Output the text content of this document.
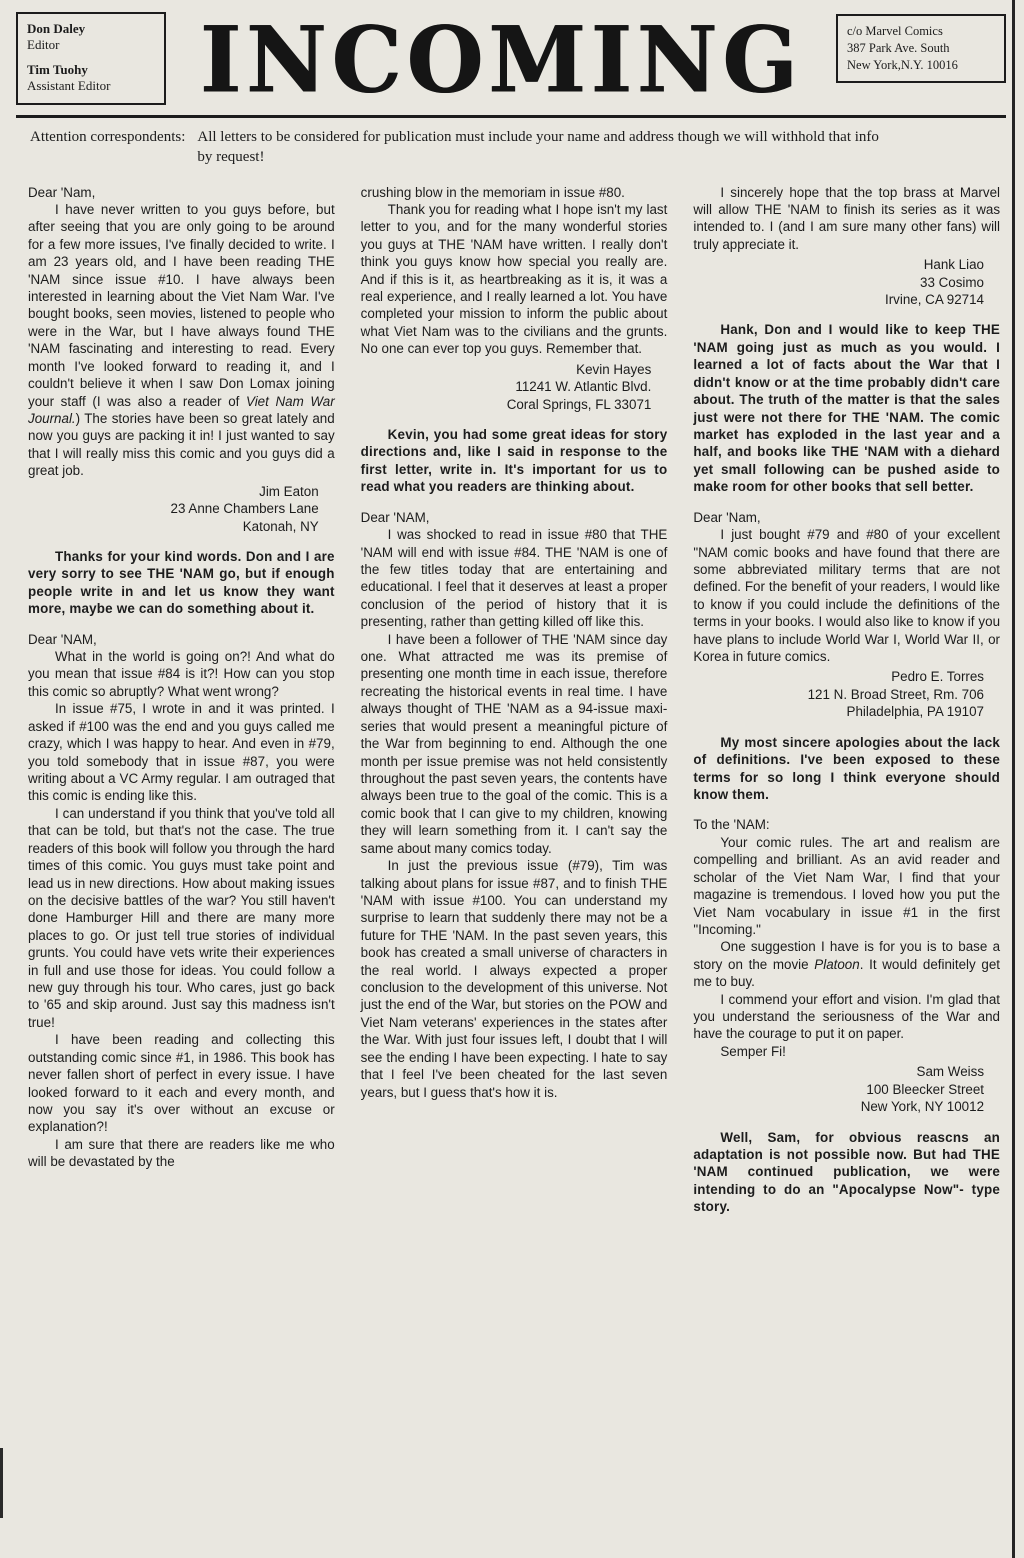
Don Daley
Editor
Tim Tuohy
Assistant Editor	INCOMING	c/o Marvel Comics
387 Park Ave. South
New York,N.Y. 10016
Attention correspondents: All letters to be considered for publication must include your name and address though we will withhold that info by request!

Dear 'Nam,

I have never written to you guys before, but after seeing that you are only going to be around for a few more issues, I've finally decided to write. I am 23 years old, and I have been reading THE 'NAM since issue #10. I have always been interested in learning about the Viet Nam War. I've bought books, seen movies, listened to people who were in the War, but I have always found THE 'NAM fascinating and interesting to read. Every month I've looked forward to reading it, and I couldn't believe it when I saw Don Lomax joining your staff (I was also a reader of Viet Nam War Journal.) The stories have been so great lately and now you guys are packing it in! I just wanted to say that I will really miss this comic and you guys did a great job.

Jim Eaton
23 Anne Chambers Lane
Katonah, NY

Thanks for your kind words. Don and I are very sorry to see THE 'NAM go, but if enough people write in and let us know they want more, maybe we can do something about it.

Dear 'NAM,

What in the world is going on?! And what do you mean that issue #84 is it?! How can you stop this comic so abruptly? What went wrong?

In issue #75, I wrote in and it was printed. I asked if #100 was the end and you guys called me crazy, which I was happy to hear. And even in #79, you told somebody that in issue #87, you were writing about a VC Army regular. I am outraged that this comic is ending like this.

I can understand if you think that you've told all that can be told, but that's not the case. The true readers of this book will follow you through the hard times of this comic. You guys must take point and lead us in new directions. How about making issues on the decisive battles of the war? You still haven't done Hamburger Hill and there are many more places to go. Or just tell true stories of individual grunts. You could have vets write their experiences in full and use those for ideas. You could follow a new guy through his tour. Who cares, just go back to '65 and skip around. Just say this madness isn't true!

I have been reading and collecting this outstanding comic since #1, in 1986. This book has never fallen short of perfect in every issue. I have looked forward to it each and every month, and now you say it's over without an excuse or explanation?!

I am sure that there are readers like me who will be devastated by the

crushing blow in the memoriam in issue #80.

Thank you for reading what I hope isn't my last letter to you, and for the many wonderful stories you guys at THE 'NAM have written. I really don't think you guys know how special you really are. And if this is it, as heartbreaking as it is, it was a real experience, and I really learned a lot. You have completed your mission to inform the public about what Viet Nam was to the civilians and the grunts. No one can ever top you guys. Remember that.

Kevin Hayes
11241 W. Atlantic Blvd.
Coral Springs, FL 33071

Kevin, you had some great ideas for story directions and, like I said in response to the first letter, write in. It's important for us to read what you readers are thinking about.

Dear 'NAM,

I was shocked to read in issue #80 that THE 'NAM will end with issue #84. THE 'NAM is one of the few titles today that are entertaining and educational. I feel that it deserves at least a proper conclusion of the period of history that it is presenting, rather than getting killed off like this.

I have been a follower of THE 'NAM since day one. What attracted me was its premise of presenting one month time in each issue, therefore recreating the historical events in real time. I have always thought of THE 'NAM as a 94-issue maxi-series that would present a meaningful picture of the War from beginning to end. Although the one month per issue premise was not held consistently throughout the past seven years, the contents have always been true to the goal of the comic. This is a comic book that I can give to my children, knowing they will learn something from it. I can't say the same about many comics today.

In just the previous issue (#79), Tim was talking about plans for issue #87, and to finish THE 'NAM with issue #100. You can understand my surprise to learn that suddenly there may not be a future for THE 'NAM. In the past seven years, this book has created a small universe of characters in the real world. I always expected a proper conclusion to the development of this universe. Not just the end of the War, but stories on the POW and Viet Nam veterans' experiences in the states after the War. With just four issues left, I doubt that I will see the ending I have been expecting. I hate to say that I feel I've been cheated for the last seven years, but I guess that's how it is.

I sincerely hope that the top brass at Marvel will allow THE 'NAM to finish its series as it was intended to. I (and I am sure many other fans) will truly appreciate it.

Hank Liao
33 Cosimo
Irvine, CA 92714

Hank, Don and I would like to keep THE 'NAM going just as much as you would. I learned a lot of facts about the War that I didn't know or at the time probably didn't care about. The truth of the matter is that the sales just were not there for THE 'NAM. The comic market has exploded in the last year and a half, and books like THE 'NAM with a diehard yet small following can be pushed aside to make room for other books that sell better.

Dear 'Nam,

I just bought #79 and #80 of your excellent "NAM comic books and have found that there are some abbreviated military terms that are not defined. For the benefit of your readers, I would like to know if you could include the definitions of the terms in your books. I would also like to know if you have plans to include World War I, World War II, or Korea in future comics.

Pedro E. Torres
121 N. Broad Street, Rm. 706
Philadelphia, PA 19107

My most sincere apologies about the lack of definitions. I've been exposed to these terms for so long I think everyone should know them.

To the 'NAM:

Your comic rules. The art and realism are compelling and brilliant. As an avid reader and scholar of the Viet Nam War, I find that your magazine is tremendous. I loved how you put the Viet Nam vocabulary in issue #1 in the first "Incoming."

One suggestion I have is for you is to base a story on the movie Platoon. It would definitely get me to buy.

I commend your effort and vision. I'm glad that you understand the seriousness of the War and have the courage to put it on paper.

Semper Fi!

Sam Weiss
100 Bleecker Street
New York, NY 10012

Well, Sam, for obvious reascns an adaptation is not possible now. But had THE 'NAM continued publication, we were intending to do an "Apocalypse Now"- type story.
